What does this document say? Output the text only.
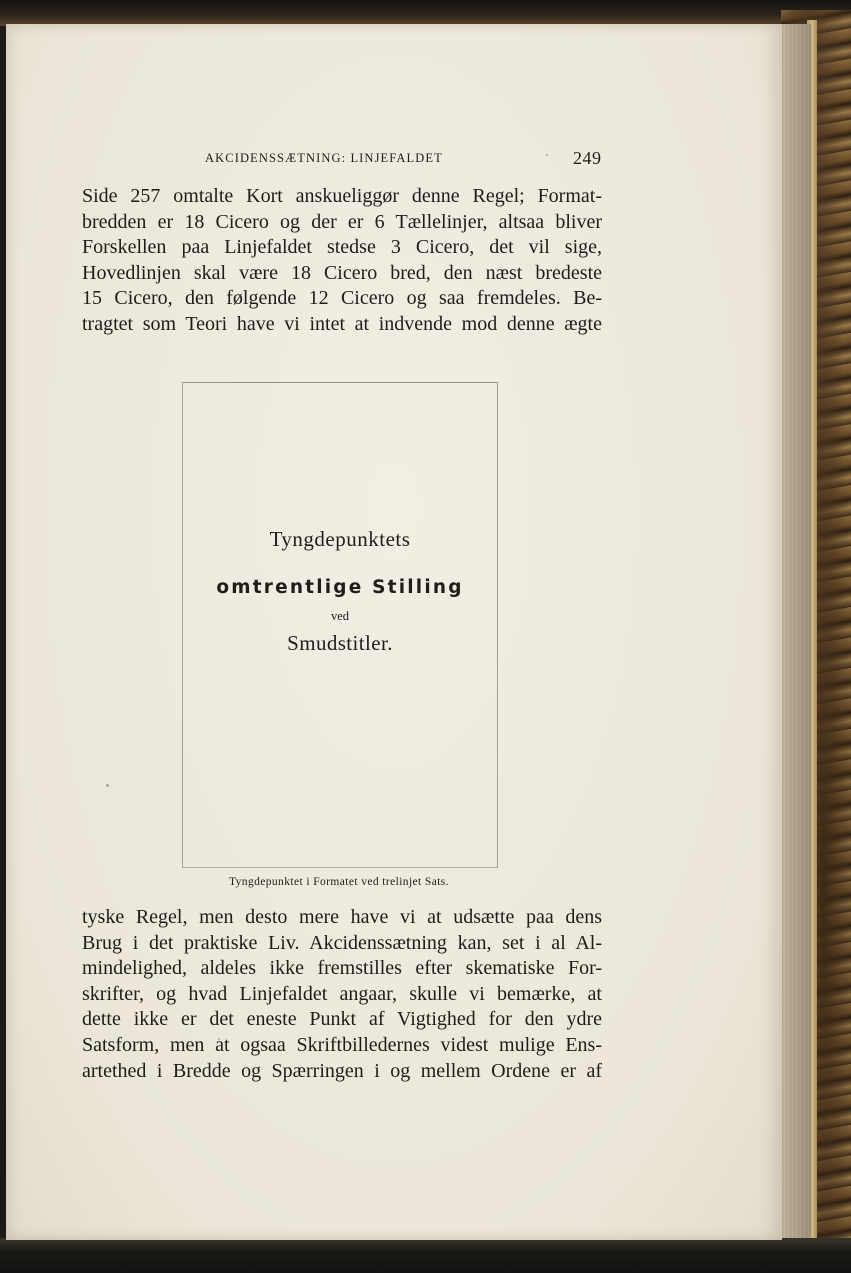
AKCIDENSSÆTNING: LINJEFALDET	249
Side 257 omtalte Kort anskueliggør denne Regel; Format-
bredden er 18 Cicero og der er 6 Tællelinjer, altsaa bliver
Forskellen paa Linjefaldet stedse 3 Cicero, det vil sige,
Hovedlinjen skal være 18 Cicero bred, den næst bredeste
15 Cicero, den følgende 12 Cicero og saa fremdeles. Be-
tragtet som Teori have vi intet at indvende mod denne ægte
Tyngdepunktets
omtrentlige Stilling
ved
Smudstitler.
Tyngdepunktet i Formatet ved trelinjet Sats.
tyske Regel, men desto mere have vi at udsætte paa dens
Brug i det praktiske Liv. Akcidenssætning kan, set i al Al-
mindelighed, aldeles ikke fremstilles efter skematiske For-
skrifter, og hvad Linjefaldet angaar, skulle vi bemærke, at
dette ikke er det eneste Punkt af Vigtighed for den ydre
Satsform, men at ogsaa Skriftbilledernes videst mulige Ens-
artethed i Bredde og Spærringen i og mellem Ordene er af
